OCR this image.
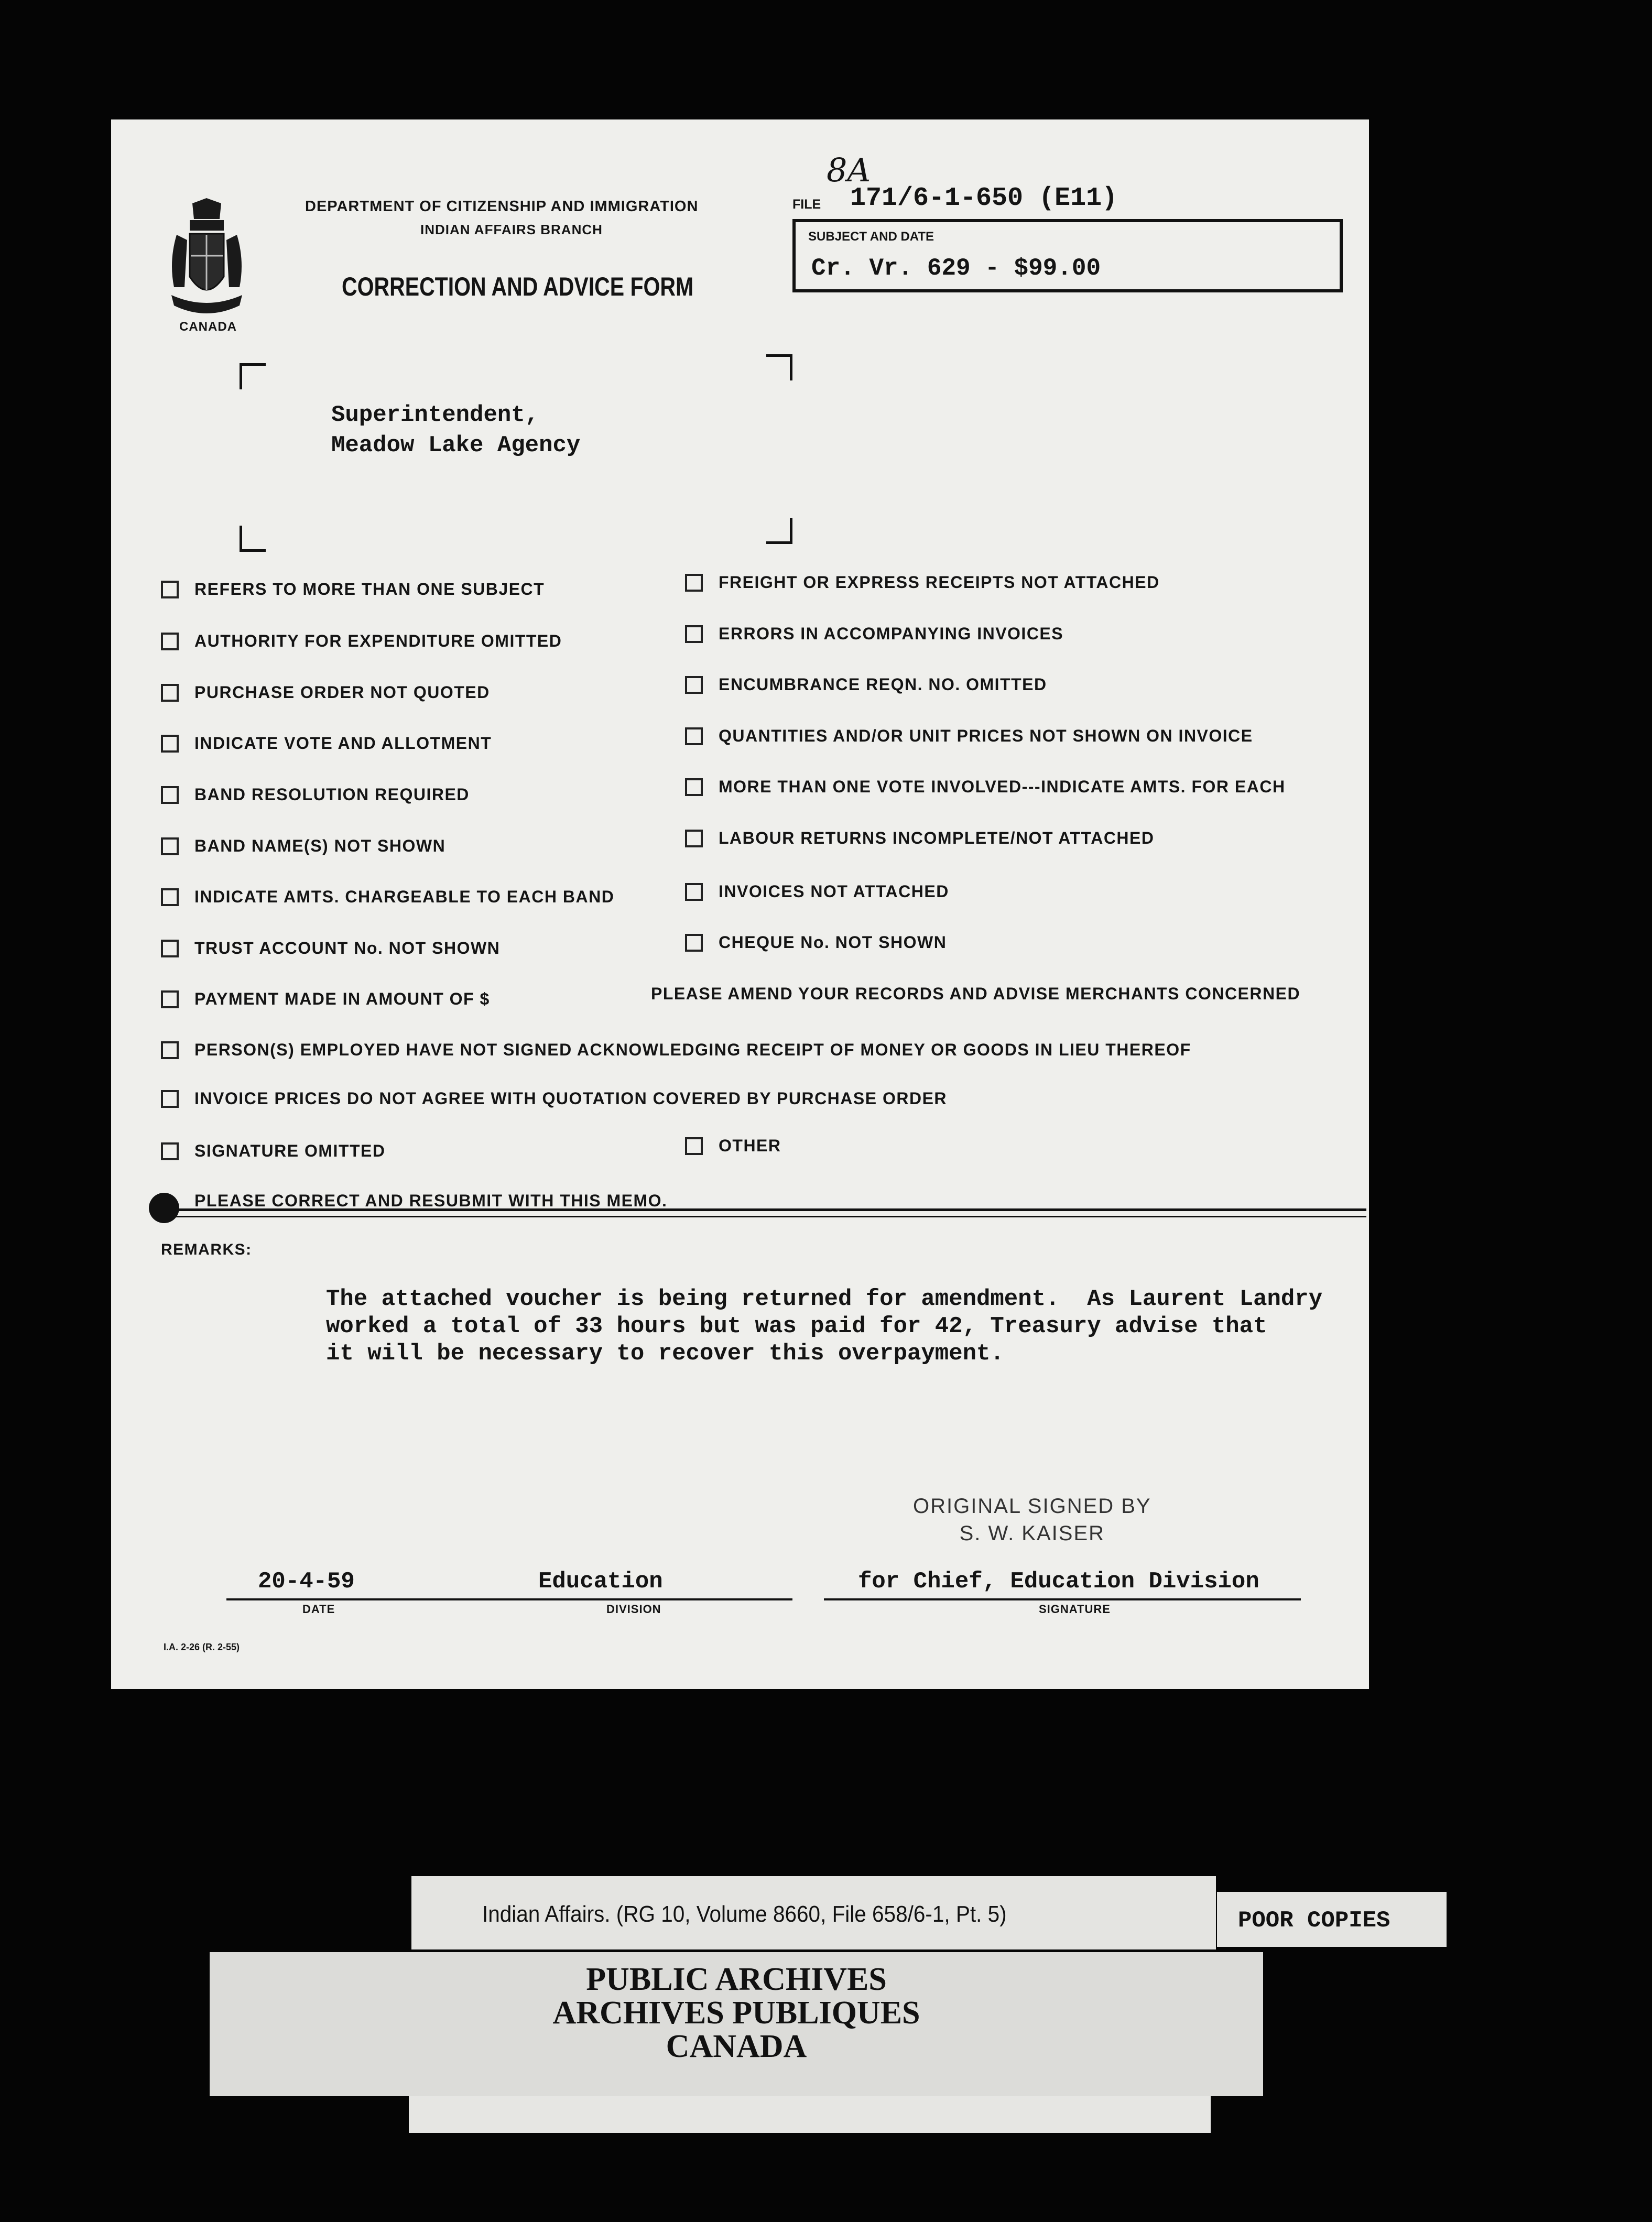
8A
CANADA
DEPARTMENT OF CITIZENSHIP AND IMMIGRATION
INDIAN AFFAIRS BRANCH
CORRECTION AND ADVICE FORM
FILE 171/6-1-650 (E11)
SUBJECT AND DATE
Cr. Vr. 629 - $99.00
Superintendent,
Meadow Lake Agency
REFERS TO MORE THAN ONE SUBJECT
AUTHORITY FOR EXPENDITURE OMITTED
PURCHASE ORDER NOT QUOTED
INDICATE VOTE AND ALLOTMENT
BAND RESOLUTION REQUIRED
BAND NAME(S) NOT SHOWN
INDICATE AMTS. CHARGEABLE TO EACH BAND
TRUST ACCOUNT No. NOT SHOWN
PAYMENT MADE IN AMOUNT OF $
FREIGHT OR EXPRESS RECEIPTS NOT ATTACHED
ERRORS IN ACCOMPANYING INVOICES
ENCUMBRANCE REQN. NO. OMITTED
QUANTITIES AND/OR UNIT PRICES NOT SHOWN ON INVOICE
MORE THAN ONE VOTE INVOLVED---INDICATE AMTS. FOR EACH
LABOUR RETURNS INCOMPLETE/NOT ATTACHED
INVOICES NOT ATTACHED
CHEQUE No. NOT SHOWN
PLEASE AMEND YOUR RECORDS AND ADVISE MERCHANTS CONCERNED
PERSON(S) EMPLOYED HAVE NOT SIGNED ACKNOWLEDGING RECEIPT OF MONEY OR GOODS IN LIEU THEREOF
INVOICE PRICES DO NOT AGREE WITH QUOTATION COVERED BY PURCHASE ORDER
SIGNATURE OMITTED	OTHER
PLEASE CORRECT AND RESUBMIT WITH THIS MEMO.
REMARKS:
The attached voucher is being returned for amendment.  As Laurent Landry
worked a total of 33 hours but was paid for 42, Treasury advise that
it will be necessary to recover this overpayment.
ORIGINAL SIGNED BY
S. W. KAISER
20-4-59
DATE
Education
DIVISION
for Chief, Education Division
SIGNATURE
I.A. 2-26 (R. 2-55)
Indian Affairs. (RG 10, Volume 8660, File 658/6-1, Pt. 5)	POOR COPIES
PUBLIC ARCHIVES
ARCHIVES PUBLIQUES
CANADA
